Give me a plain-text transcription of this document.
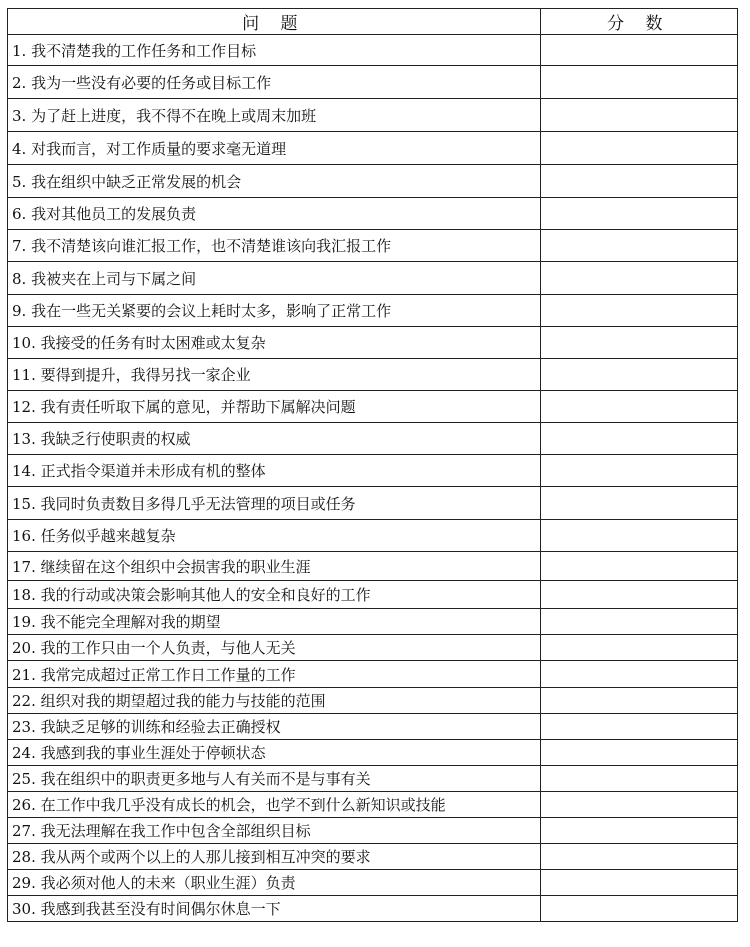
问 题	分 数
1. 我不清楚我的工作任务和工作目标	
2. 我为一些没有必要的任务或目标工作	
3. 为了赶上进度，我不得不在晚上或周末加班	
4. 对我而言，对工作质量的要求毫无道理	
5. 我在组织中缺乏正常发展的机会	
6. 我对其他员工的发展负责	
7. 我不清楚该向谁汇报工作，也不清楚谁该向我汇报工作	
8. 我被夹在上司与下属之间	
9. 我在一些无关紧要的会议上耗时太多，影响了正常工作	
10. 我接受的任务有时太困难或太复杂	
11. 要得到提升，我得另找一家企业	
12. 我有责任听取下属的意见，并帮助下属解决问题	
13. 我缺乏行使职责的权威	
14. 正式指令渠道并未形成有机的整体	
15. 我同时负责数目多得几乎无法管理的项目或任务	
16. 任务似乎越来越复杂	
17. 继续留在这个组织中会损害我的职业生涯	
18. 我的行动或决策会影响其他人的安全和良好的工作	
19. 我不能完全理解对我的期望	
20. 我的工作只由一个人负责，与他人无关	
21. 我常完成超过正常工作日工作量的工作	
22. 组织对我的期望超过我的能力与技能的范围	
23. 我缺乏足够的训练和经验去正确授权	
24. 我感到我的事业生涯处于停顿状态	
25. 我在组织中的职责更多地与人有关而不是与事有关	
26. 在工作中我几乎没有成长的机会，也学不到什么新知识或技能	
27. 我无法理解在我工作中包含全部组织目标	
28. 我从两个或两个以上的人那儿接到相互冲突的要求	
29. 我必须对他人的未来（职业生涯）负责	
30. 我感到我甚至没有时间偶尔休息一下	
